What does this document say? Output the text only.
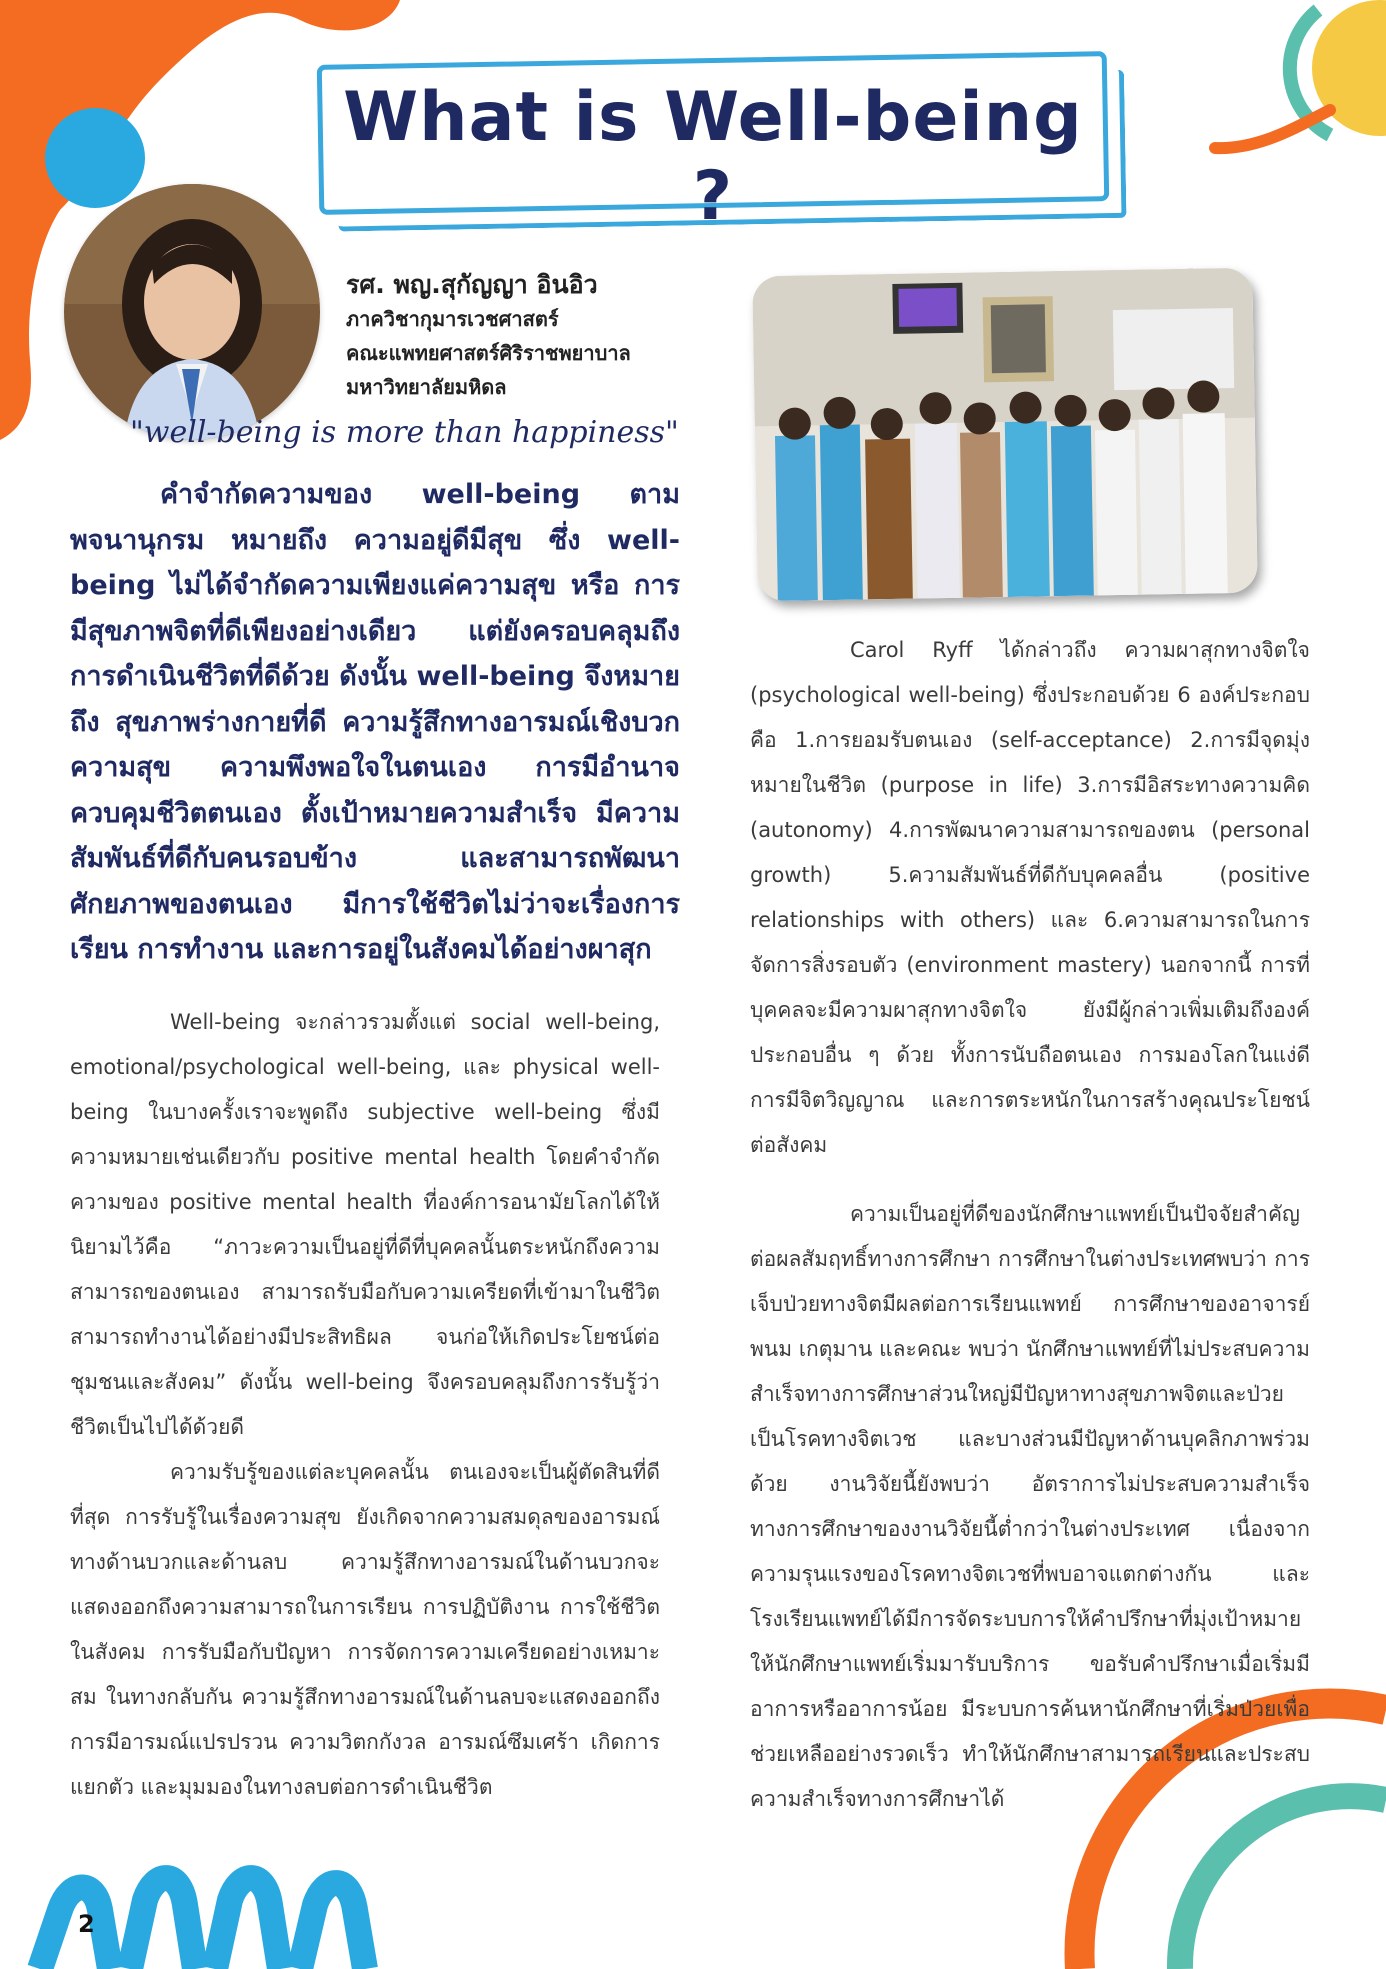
What is Well-being ?
รศ. พญ.สุกัญญา อินอิว
ภาควิชากุมารเวชศาสตร์
คณะแพทยศาสตร์ศิริราชพยาบาล
มหาวิทยาลัยมหิดล
"well-being is more than happiness"
คำจำกัดความของ well-being ตามพจนานุกรม หมายถึง ความอยู่ดีมีสุข ซึ่ง well-being ไม่ได้จำกัดความเพียงแค่ความสุข หรือ การมีสุขภาพจิตที่ดีเพียงอย่างเดียว แต่ยังครอบคลุมถึงการดำเนินชีวิตที่ดีด้วย ดังนั้น well-being จึงหมายถึง สุขภาพร่างกายที่ดี ความรู้สึกทางอารมณ์เชิงบวก ความสุข ความพึงพอใจในตนเอง การมีอำนาจควบคุมชีวิตตนเอง ตั้งเป้าหมายความสำเร็จ มีความสัมพันธ์ที่ดีกับคนรอบข้าง และสามารถพัฒนาศักยภาพของตนเอง มีการใช้ชีวิตไม่ว่าจะเรื่องการเรียน การทำงาน และการอยู่ในสังคมได้อย่างผาสุก
Well-being จะกล่าวรวมตั้งแต่ social well-being, emotional/psychological well-being, และ physical well-being ในบางครั้งเราจะพูดถึง subjective well-being ซึ่งมีความหมายเช่นเดียวกับ positive mental health โดยคำจำกัดความของ positive mental health ที่องค์การอนามัยโลกได้ให้นิยามไว้คือ “ภาวะความเป็นอยู่ที่ดีที่บุคคลนั้นตระหนักถึงความสามารถของตนเอง สามารถรับมือกับความเครียดที่เข้ามาในชีวิต สามารถทำงานได้อย่างมีประสิทธิผล จนก่อให้เกิดประโยชน์ต่อชุมชนและสังคม” ดังนั้น well-being จึงครอบคลุมถึงการรับรู้ว่าชีวิตเป็นไปได้ด้วยดี
ความรับรู้ของแต่ละบุคคลนั้น ตนเองจะเป็นผู้ตัดสินที่ดีที่สุด การรับรู้ในเรื่องความสุข ยังเกิดจากความสมดุลของอารมณ์ทางด้านบวกและด้านลบ ความรู้สึกทางอารมณ์ในด้านบวกจะแสดงออกถึงความสามารถในการเรียน การปฏิบัติงาน การใช้ชีวิตในสังคม การรับมือกับปัญหา การจัดการความเครียดอย่างเหมาะสม ในทางกลับกัน ความรู้สึกทางอารมณ์ในด้านลบจะแสดงออกถึงการมีอารมณ์แปรปรวน ความวิตกกังวล อารมณ์ซึมเศร้า เกิดการแยกตัว และมุมมองในทางลบต่อการดำเนินชีวิต
Carol Ryff ได้กล่าวถึง ความผาสุกทางจิตใจ (psychological well-being) ซึ่งประกอบด้วย 6 องค์ประกอบ คือ 1.การยอมรับตนเอง (self-acceptance) 2.การมีจุดมุ่งหมายในชีวิต (purpose in life) 3.การมีอิสระทางความคิด (autonomy) 4.การพัฒนาความสามารถของตน (personal growth) 5.ความสัมพันธ์ที่ดีกับบุคคลอื่น (positive relationships with others) และ 6.ความสามารถในการจัดการสิ่งรอบตัว (environment mastery) นอกจากนี้ การที่บุคคลจะมีความผาสุกทางจิตใจ ยังมีผู้กล่าวเพิ่มเติมถึงองค์ประกอบอื่น ๆ ด้วย ทั้งการนับถือตนเอง การมองโลกในแง่ดี การมีจิตวิญญาณ และการตระหนักในการสร้างคุณประโยชน์ต่อสังคม
ความเป็นอยู่ที่ดีของนักศึกษาแพทย์เป็นปัจจัยสำคัญต่อผลสัมฤทธิ์ทางการศึกษา การศึกษาในต่างประเทศพบว่า การเจ็บป่วยทางจิตมีผลต่อการเรียนแพทย์ การศึกษาของอาจารย์พนม เกตุมาน และคณะ พบว่า นักศึกษาแพทย์ที่ไม่ประสบความสำเร็จทางการศึกษาส่วนใหญ่มีปัญหาทางสุขภาพจิตและป่วยเป็นโรคทางจิตเวช และบางส่วนมีปัญหาด้านบุคลิกภาพร่วมด้วย งานวิจัยนี้ยังพบว่า อัตราการไม่ประสบความสำเร็จทางการศึกษาของงานวิจัยนี้ต่ำกว่าในต่างประเทศ เนื่องจากความรุนแรงของโรคทางจิตเวชที่พบอาจแตกต่างกัน และโรงเรียนแพทย์ได้มีการจัดระบบการให้คำปรึกษาที่มุ่งเป้าหมายให้นักศึกษาแพทย์เริ่มมารับบริการ ขอรับคำปรึกษาเมื่อเริ่มมีอาการหรืออาการน้อย มีระบบการค้นหานักศึกษาที่เริ่มป่วยเพื่อช่วยเหลืออย่างรวดเร็ว ทำให้นักศึกษาสามารถเรียนและประสบความสำเร็จทางการศึกษาได้
2
